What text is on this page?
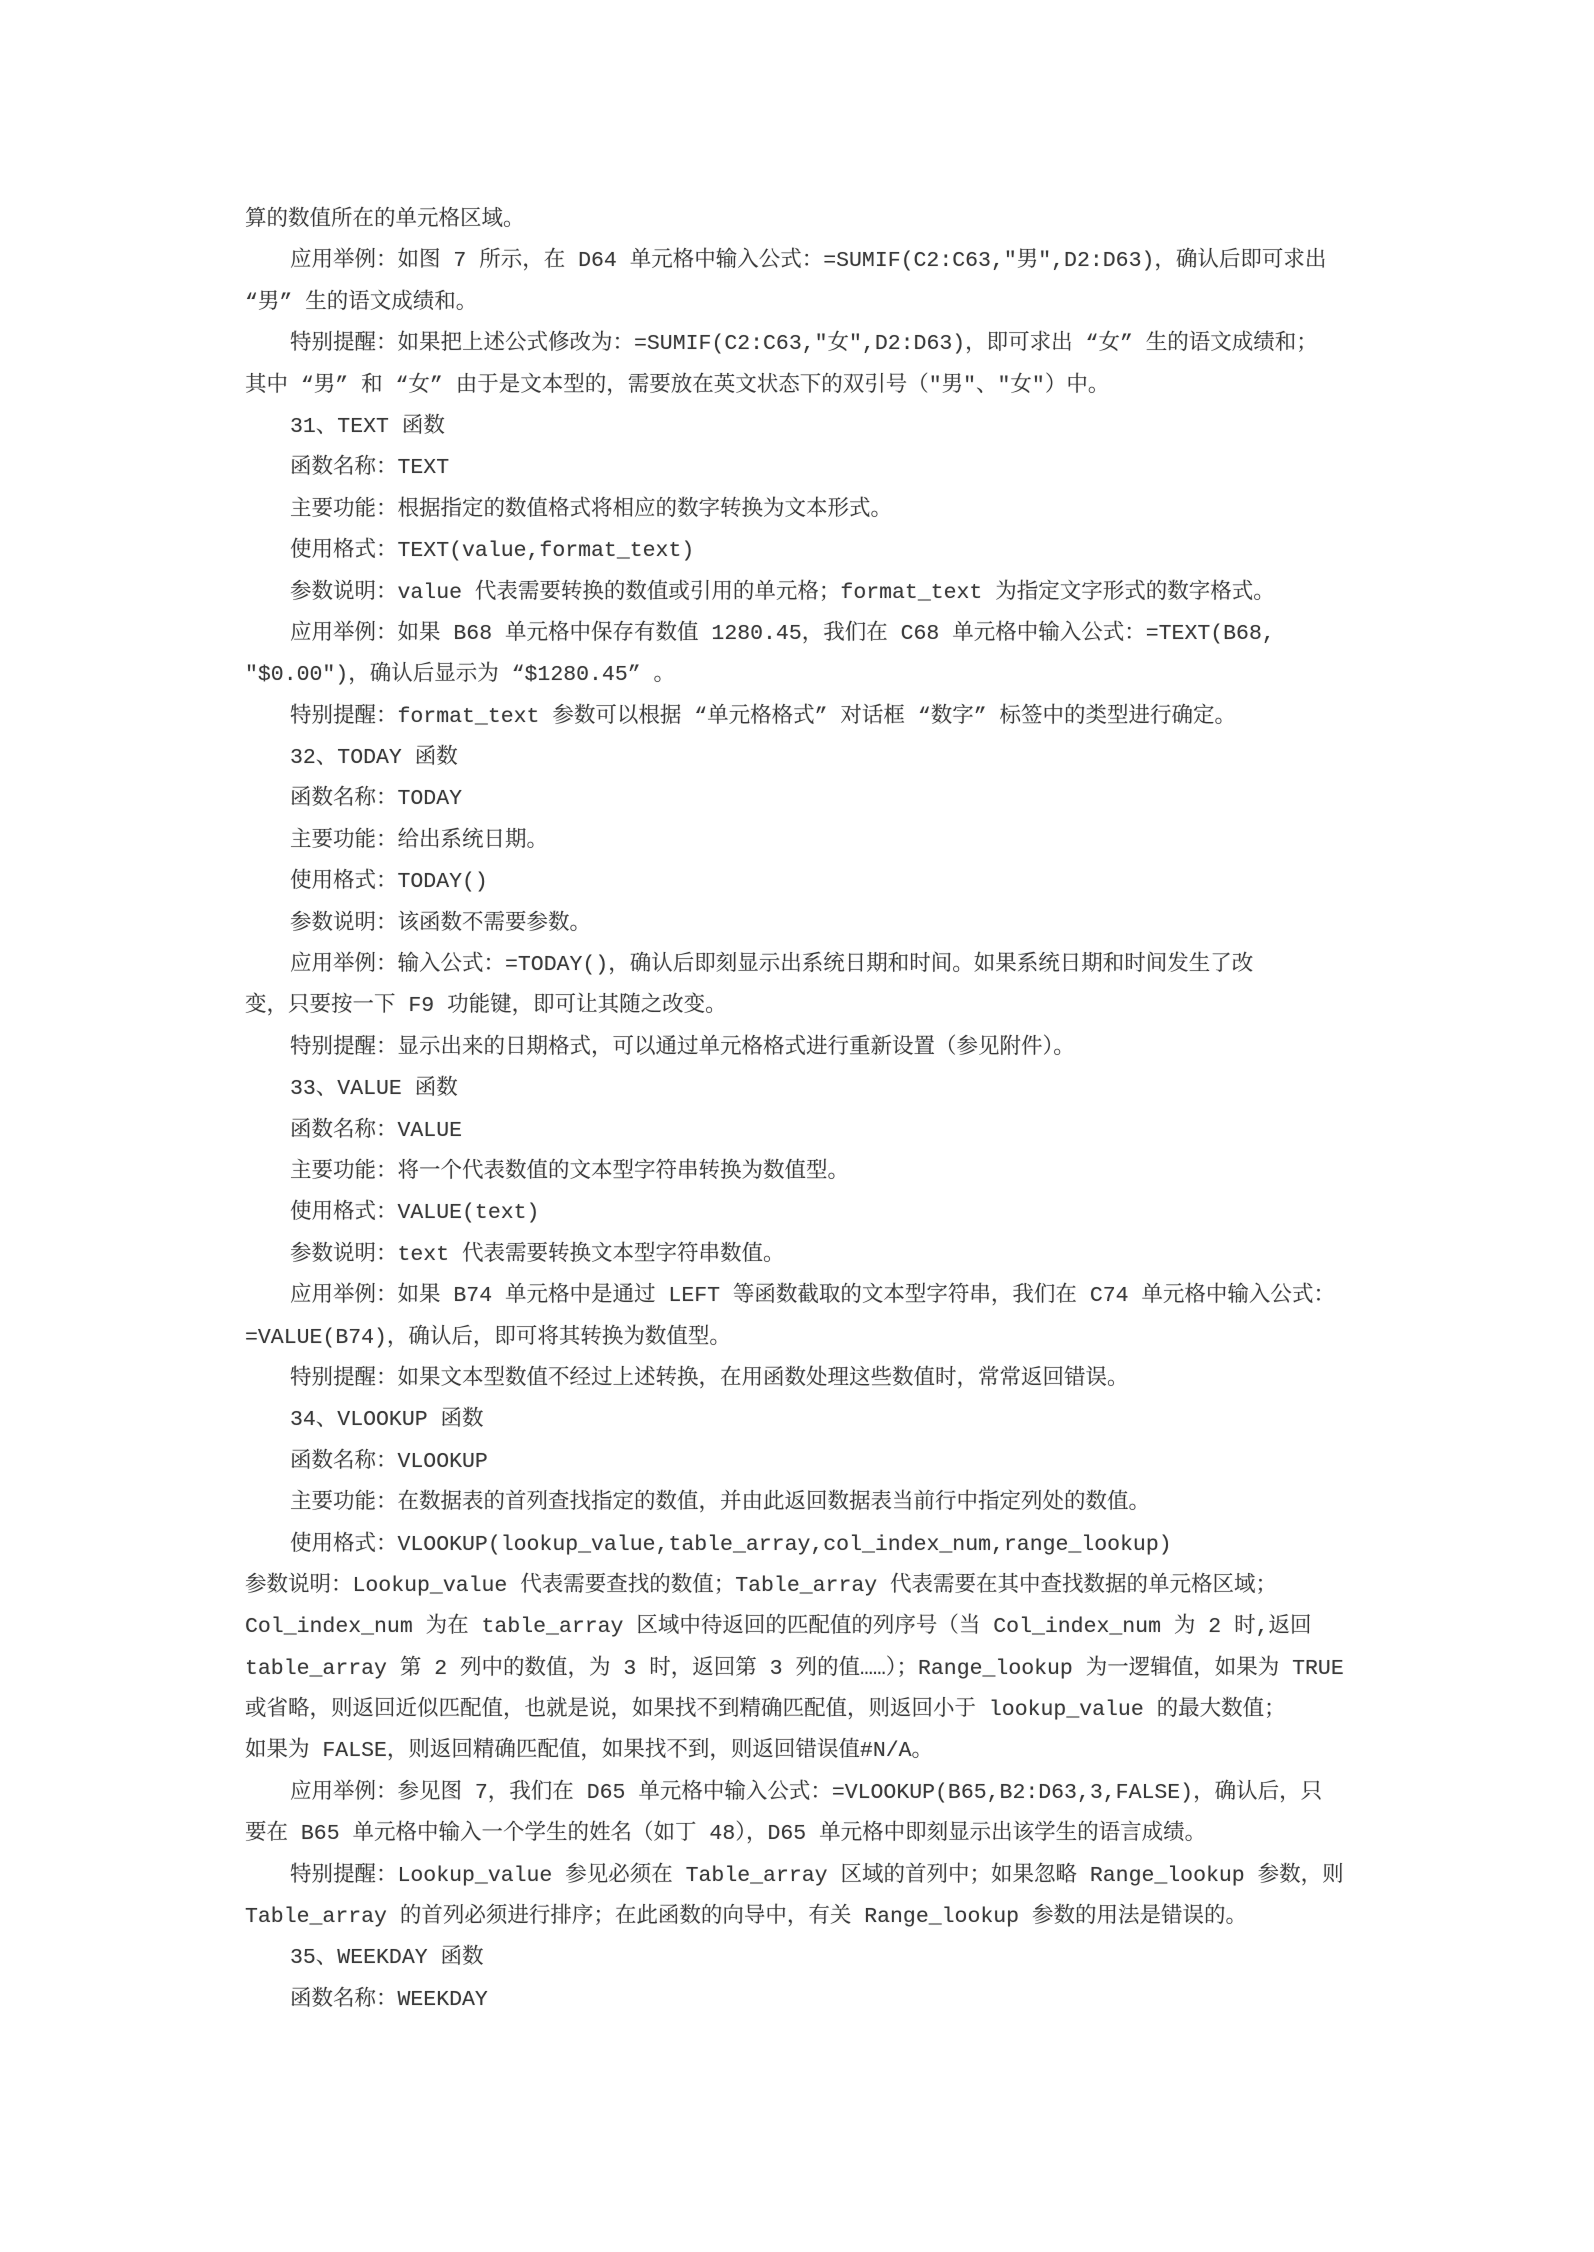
算的数值所在的单元格区域。
应用举例：如图 7 所示，在 D64 单元格中输入公式：=SUMIF(C2:C63,"男",D2:D63)，确认后即可求出
“男” 生的语文成绩和。
特别提醒：如果把上述公式修改为：=SUMIF(C2:C63,"女",D2:D63)，即可求出 “女” 生的语文成绩和；
其中 “男” 和 “女” 由于是文本型的，需要放在英文状态下的双引号（"男"、"女"）中。
31、TEXT 函数
函数名称：TEXT
主要功能：根据指定的数值格式将相应的数字转换为文本形式。
使用格式：TEXT(value,format_text)
参数说明：value 代表需要转换的数值或引用的单元格；format_text 为指定文字形式的数字格式。
应用举例：如果 B68 单元格中保存有数值 1280.45，我们在 C68 单元格中输入公式：=TEXT(B68,
"$0.00")，确认后显示为 “$1280.45” 。
特别提醒：format_text 参数可以根据 “单元格格式” 对话框 “数字” 标签中的类型进行确定。
32、TODAY 函数
函数名称：TODAY
主要功能：给出系统日期。
使用格式：TODAY()
参数说明：该函数不需要参数。
应用举例：输入公式：=TODAY()，确认后即刻显示出系统日期和时间。如果系统日期和时间发生了改
变，只要按一下 F9 功能键，即可让其随之改变。
特别提醒：显示出来的日期格式，可以通过单元格格式进行重新设置（参见附件）。
33、VALUE 函数
函数名称：VALUE
主要功能：将一个代表数值的文本型字符串转换为数值型。
使用格式：VALUE(text)
参数说明：text 代表需要转换文本型字符串数值。
应用举例：如果 B74 单元格中是通过 LEFT 等函数截取的文本型字符串，我们在 C74 单元格中输入公式：
=VALUE(B74)，确认后，即可将其转换为数值型。
特别提醒：如果文本型数值不经过上述转换，在用函数处理这些数值时，常常返回错误。
34、VLOOKUP 函数
函数名称：VLOOKUP
主要功能：在数据表的首列查找指定的数值，并由此返回数据表当前行中指定列处的数值。
使用格式：VLOOKUP(lookup_value,table_array,col_index_num,range_lookup)
参数说明：Lookup_value 代表需要查找的数值；Table_array 代表需要在其中查找数据的单元格区域；
Col_index_num 为在 table_array 区域中待返回的匹配值的列序号（当 Col_index_num 为 2 时,返回
table_array 第 2 列中的数值，为 3 时，返回第 3 列的值……）；Range_lookup 为一逻辑值，如果为 TRUE
或省略，则返回近似匹配值，也就是说，如果找不到精确匹配值，则返回小于 lookup_value 的最大数值；
如果为 FALSE，则返回精确匹配值，如果找不到，则返回错误值#N/A。
应用举例：参见图 7，我们在 D65 单元格中输入公式：=VLOOKUP(B65,B2:D63,3,FALSE)，确认后，只
要在 B65 单元格中输入一个学生的姓名（如丁 48），D65 单元格中即刻显示出该学生的语言成绩。
特别提醒：Lookup_value 参见必须在 Table_array 区域的首列中；如果忽略 Range_lookup 参数，则
Table_array 的首列必须进行排序；在此函数的向导中，有关 Range_lookup 参数的用法是错误的。
35、WEEKDAY 函数
函数名称：WEEKDAY
